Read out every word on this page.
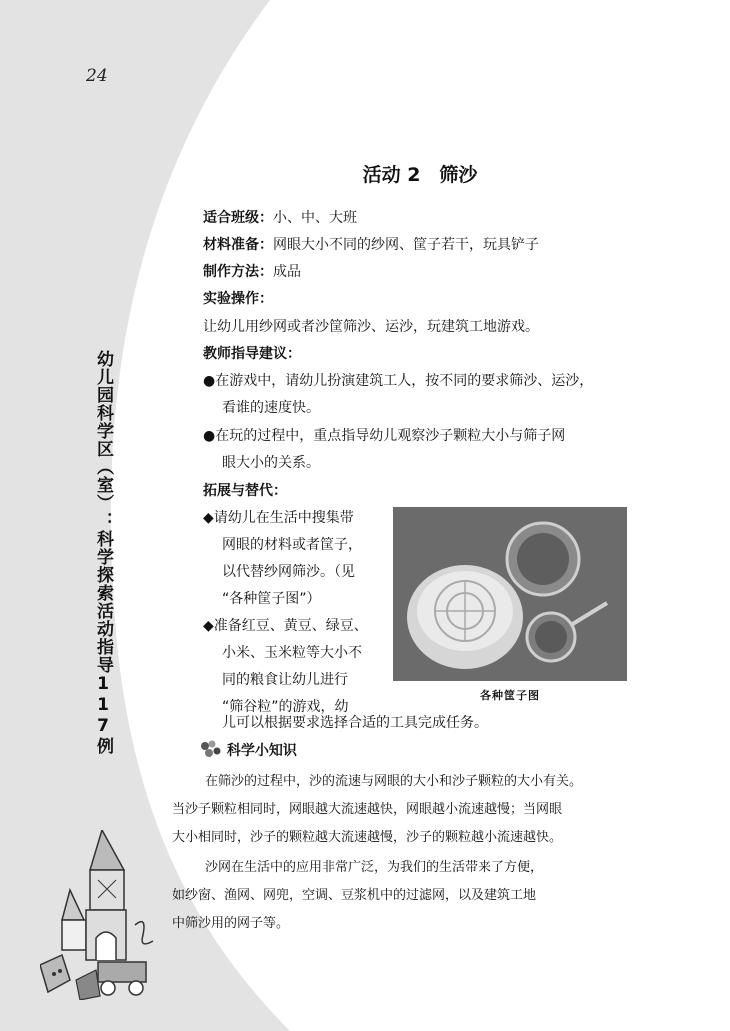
24
幼儿园科学区（室）：科学探索活动指导117例
活动 2　筛沙
适合班级：小、中、大班
材料准备：网眼大小不同的纱网、筐子若干，玩具铲子
制作方法：成品
实验操作：
让幼儿用纱网或者沙筐筛沙、运沙，玩建筑工地游戏。
教师指导建议：
●在游戏中，请幼儿扮演建筑工人，按不同的要求筛沙、运沙，
看谁的速度快。
●在玩的过程中，重点指导幼儿观察沙子颗粒大小与筛子网
眼大小的关系。
拓展与替代：
◆请幼儿在生活中搜集带
网眼的材料或者筐子，
以代替纱网筛沙。（见
“各种筐子图”）
◆准备红豆、黄豆、绿豆、
小米、玉米粒等大小不
同的粮食让幼儿进行
“筛谷粒”的游戏，幼
儿可以根据要求选择合适的工具完成任务。
各种筐子图
科学小知识
在筛沙的过程中，沙的流速与网眼的大小和沙子颗粒的大小有关。
当沙子颗粒相同时，网眼越大流速越快，网眼越小流速越慢；当网眼
大小相同时，沙子的颗粒越大流速越慢，沙子的颗粒越小流速越快。
沙网在生活中的应用非常广泛，为我们的生活带来了方便，
如纱窗、渔网、网兜，空调、豆浆机中的过滤网，以及建筑工地
中筛沙用的网子等。
